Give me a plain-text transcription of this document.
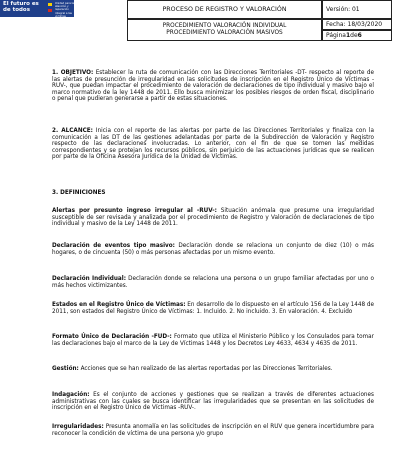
El futuro es de todos
Unidad para la atención y reparación integral a las víctimas
PROCESO DE REGISTRO Y VALORACIÓN	Versión: 01
PROCEDIMIENTO VALORACIÓN INDIVIDUAL
PROCEDIMIENTO VALORACIÓN MASIVOS
Fecha: 18/03/2020
Página 1 de 6
1. OBJETIVO: Establecer la ruta de comunicación con las Direcciones Territoriales -DT- respecto al reporte de las alertas de presunción de irregularidad en las solicitudes de inscripción en el Registro Único de Víctimas -RUV-, que puedan impactar el procedimiento de valoración de declaraciones de tipo individual y masivo bajo el marco normativo de la ley 1448 de 2011. Ello busca minimizar los posibles riesgos de orden fiscal, disciplinario o penal que pudieran generarse a partir de estas situaciones.
2. ALCANCE: Inicia con el reporte de las alertas por parte de las Direcciones Territoriales y finaliza con la comunicación a las DT de las gestiones adelantadas por parte de la Subdirección de Valoración y Registro respecto de las declaraciones involucradas. Lo anterior, con el fin de que se tomen las medidas correspondientes y se protejan los recursos públicos, sin perjuicio de las actuaciones jurídicas que se realicen por parte de la Oficina Asesora Jurídica de la Unidad de Víctimas.
3. DEFINICIONES
Alertas por presunto ingreso irregular al -RUV-: Situación anómala que presume una irregularidad susceptible de ser revisada y analizada por el procedimiento de Registro y Valoración de declaraciones de tipo individual y masivo de la Ley 1448 de 2011.
Declaración de eventos tipo masivo: Declaración donde se relaciona un conjunto de diez (10) o más hogares, o de cincuenta (50) o más personas afectadas por un mismo evento.
Declaración Individual: Declaración donde se relaciona una persona o un grupo familiar afectadas por uno o más hechos victimizantes.
Estados en el Registro Único de Víctimas: En desarrollo de lo dispuesto en el artículo 156 de la Ley 1448 de 2011, son estados del Registro Único de Víctimas: 1. Incluido. 2. No incluido. 3. En valoración. 4. Excluido
Formato Único de Declaración -FUD-: Formato que utiliza el Ministerio Público y los Consulados para tomar las declaraciones bajo el marco de la Ley de Víctimas 1448 y los Decretos Ley 4633, 4634 y 4635 de 2011.
Gestión: Acciones que se han realizado de las alertas reportadas por las Direcciones Territoriales.
Indagación: Es el conjunto de acciones y gestiones que se realizan a través de diferentes actuaciones administrativas con las cuales se busca identificar las irregularidades que se presentan en las solicitudes de inscripción en el Registro Único de Víctimas -RUV-.
Irregularidades: Presunta anomalía en las solicitudes de inscripción en el RUV que genera incertidumbre para reconocer la condición de víctima de una persona y/o grupo
